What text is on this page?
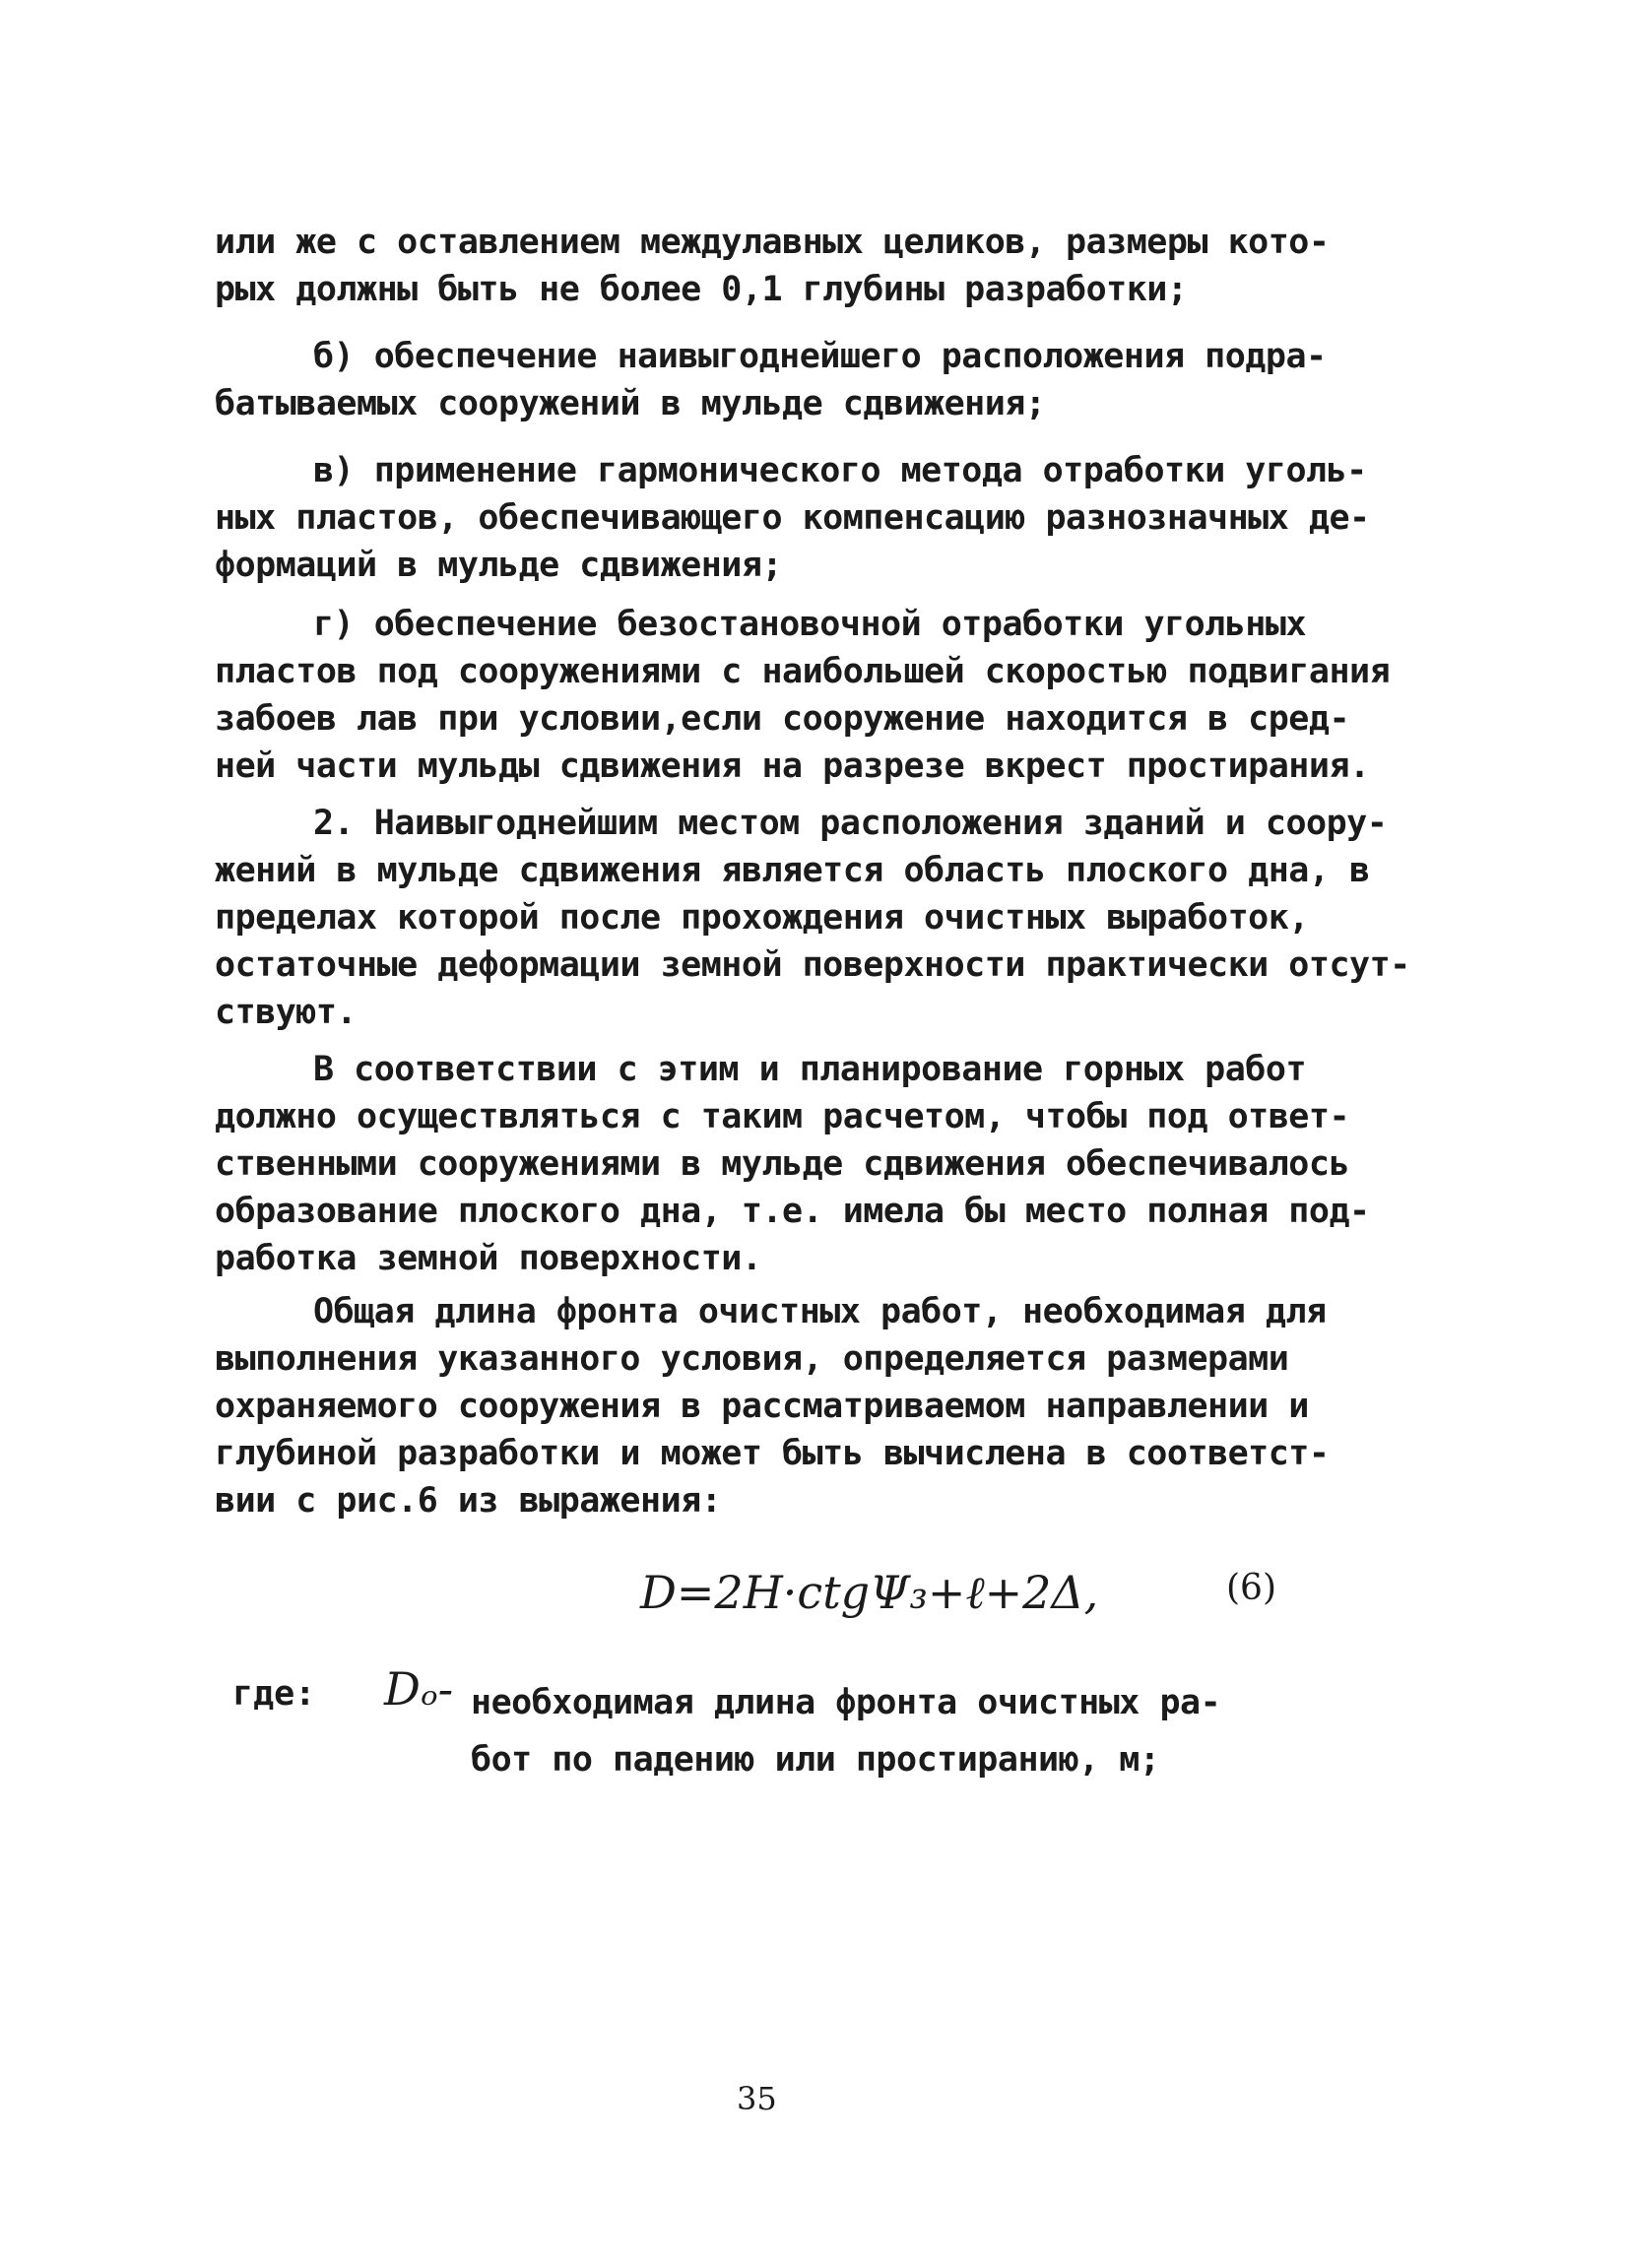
или же с оставлением междулавных целиков, размеры кото-
рых должны быть не более 0,1 глубины разработки;
б) обеспечение наивыгоднейшего расположения подра-
батываемых сооружений в мульде сдвижения;
в) применение гармонического метода отработки уголь-
ных пластов, обеспечивающего компенсацию разнозначных де-
формаций в мульде сдвижения;
г) обеспечение безостановочной отработки угольных
пластов под сооружениями с наибольшей скоростью подвигания
забоев лав при условии,если сооружение находится в сред-
ней части мульды сдвижения на разрезе вкрест простирания.
2. Наивыгоднейшим местом расположения зданий и соору-
жений в мульде сдвижения является область плоского дна, в
пределах которой после прохождения очистных выработок,
остаточные деформации земной поверхности практически отсут-
ствуют.
В соответствии с этим и планирование горных работ
должно осуществляться с таким расчетом, чтобы под ответ-
ственными сооружениями в мульде сдвижения обеспечивалось
образование плоского дна, т.е. имела бы место полная под-
работка земной поверхности.
Общая длина фронта очистных работ, необходимая для
выполнения указанного условия, определяется размерами
охраняемого сооружения в рассматриваемом направлении и
глубиной разработки и может быть вычислена в соответст-
вии с рис.6 из выражения:
D=2H·ctgΨ₃+ℓ+2Δ,	(6)
где: Dₒ- необходимая длина фронта очистных ра-
бот по падению или простиранию, м;
35
